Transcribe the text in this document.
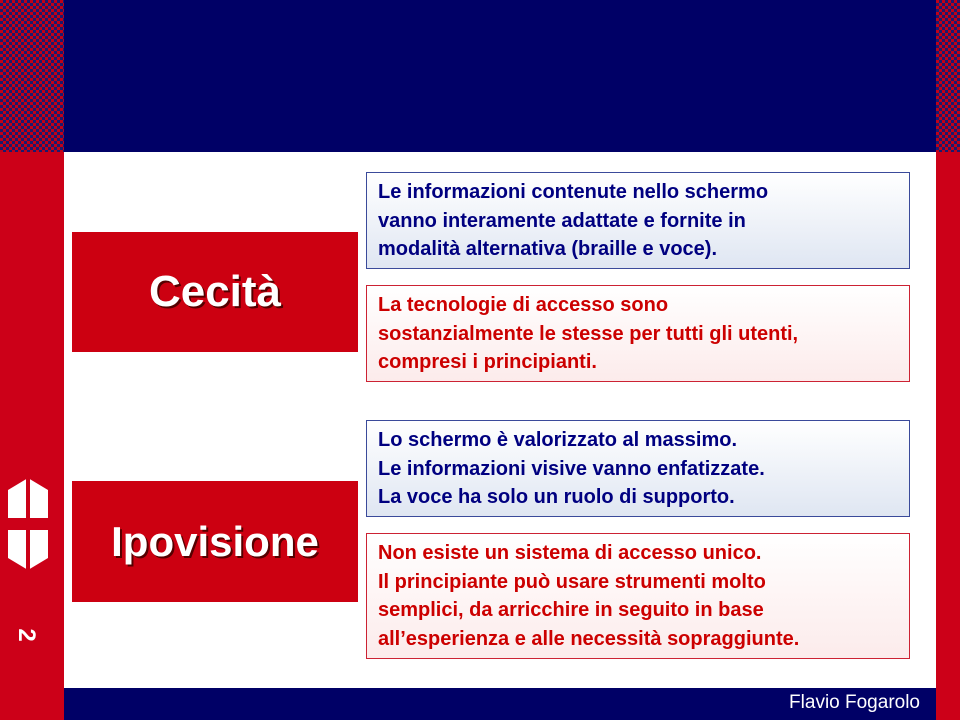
2
Cecità
Ipovisione
Le informazioni contenute nello schermo
vanno interamente adattate e fornite in
modalità alternativa (braille e voce).
La tecnologie di accesso sono
sostanzialmente le stesse per tutti gli utenti,
compresi i principianti.
Lo schermo è valorizzato al massimo.
Le informazioni visive vanno enfatizzate.
La voce ha solo un ruolo di supporto.
Non esiste un sistema di accesso unico.
Il principiante può usare strumenti molto
semplici, da arricchire in seguito in base
all’esperienza e alle necessità sopraggiunte.
Flavio Fogarolo
